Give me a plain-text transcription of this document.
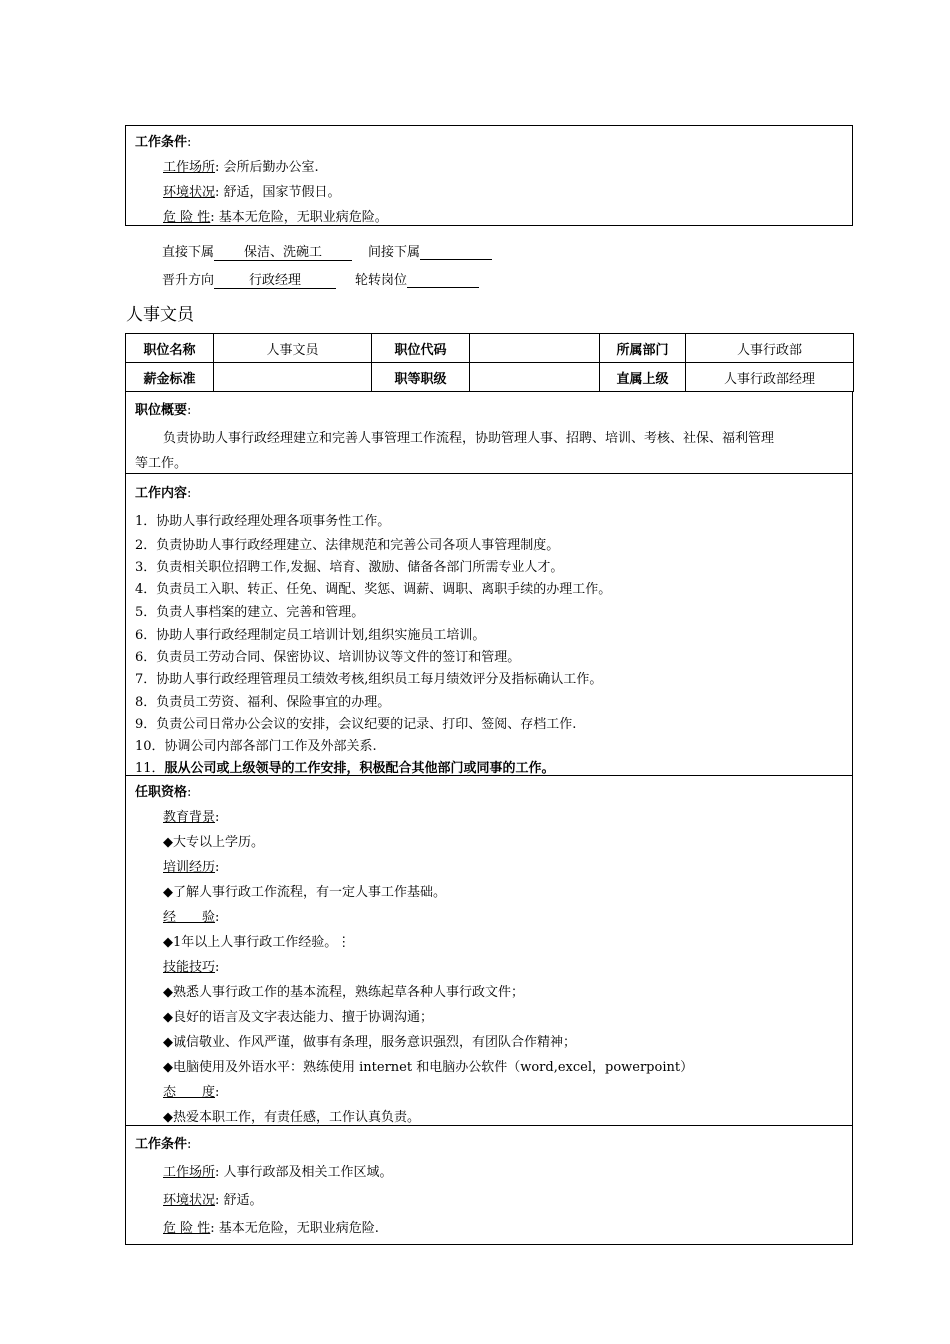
工作条件:
工作场所: 会所后勤办公室.
环境状况: 舒适，国家节假日。
危 险 性: 基本无危险，无职业病危险。
直接下属 保洁、洗碗工	间接下属
晋升方向	行政经理	轮转岗位
人事文员
职位名称	人事文员	职位代码		所属部门	人事行政部
薪金标准		职等职级		直属上级	人事行政部经理
职位概要:
负责协助人事行政经理建立和完善人事管理工作流程，协助管理人事、招聘、培训、考核、社保、福利管理
等工作。
工作内容:
1．协助人事行政经理处理各项事务性工作。
2．负责协助人事行政经理建立、法律规范和完善公司各项人事管理制度。
3．负责相关职位招聘工作,发掘、培育、激励、储备各部门所需专业人才。
4．负责员工入职、转正、任免、调配、奖惩、调薪、调职、离职手续的办理工作。
5．负责人事档案的建立、完善和管理。
6．协助人事行政经理制定员工培训计划,组织实施员工培训。
6．负责员工劳动合同、保密协议、培训协议等文件的签订和管理。
7．协助人事行政经理管理员工绩效考核,组织员工每月绩效评分及指标确认工作。
8．负责员工劳资、福利、保险事宜的办理。
9．负责公司日常办公会议的安排，会议纪要的记录、打印、签阅、存档工作.
10．协调公司内部各部门工作及外部关系.
11．服从公司或上级领导的工作安排，积极配合其他部门或同事的工作。
任职资格:
教育背景:
◆大专以上学历。
培训经历:
◆了解人事行政工作流程，有一定人事工作基础。
经　　验:
◆1年以上人事行政工作经验。⋮
技能技巧:
◆熟悉人事行政工作的基本流程，熟练起草各种人事行政文件；
◆良好的语言及文字表达能力、擅于协调沟通；
◆诚信敬业、作风严谨，做事有条理，服务意识强烈，有团队合作精神；
◆电脑使用及外语水平：熟练使用 internet 和电脑办公软件（word,excel，powerpoint）
态　　度:
◆热爱本职工作，有责任感，工作认真负责。
工作条件:
工作场所: 人事行政部及相关工作区域。
环境状况: 舒适。
危 险 性: 基本无危险，无职业病危险.
